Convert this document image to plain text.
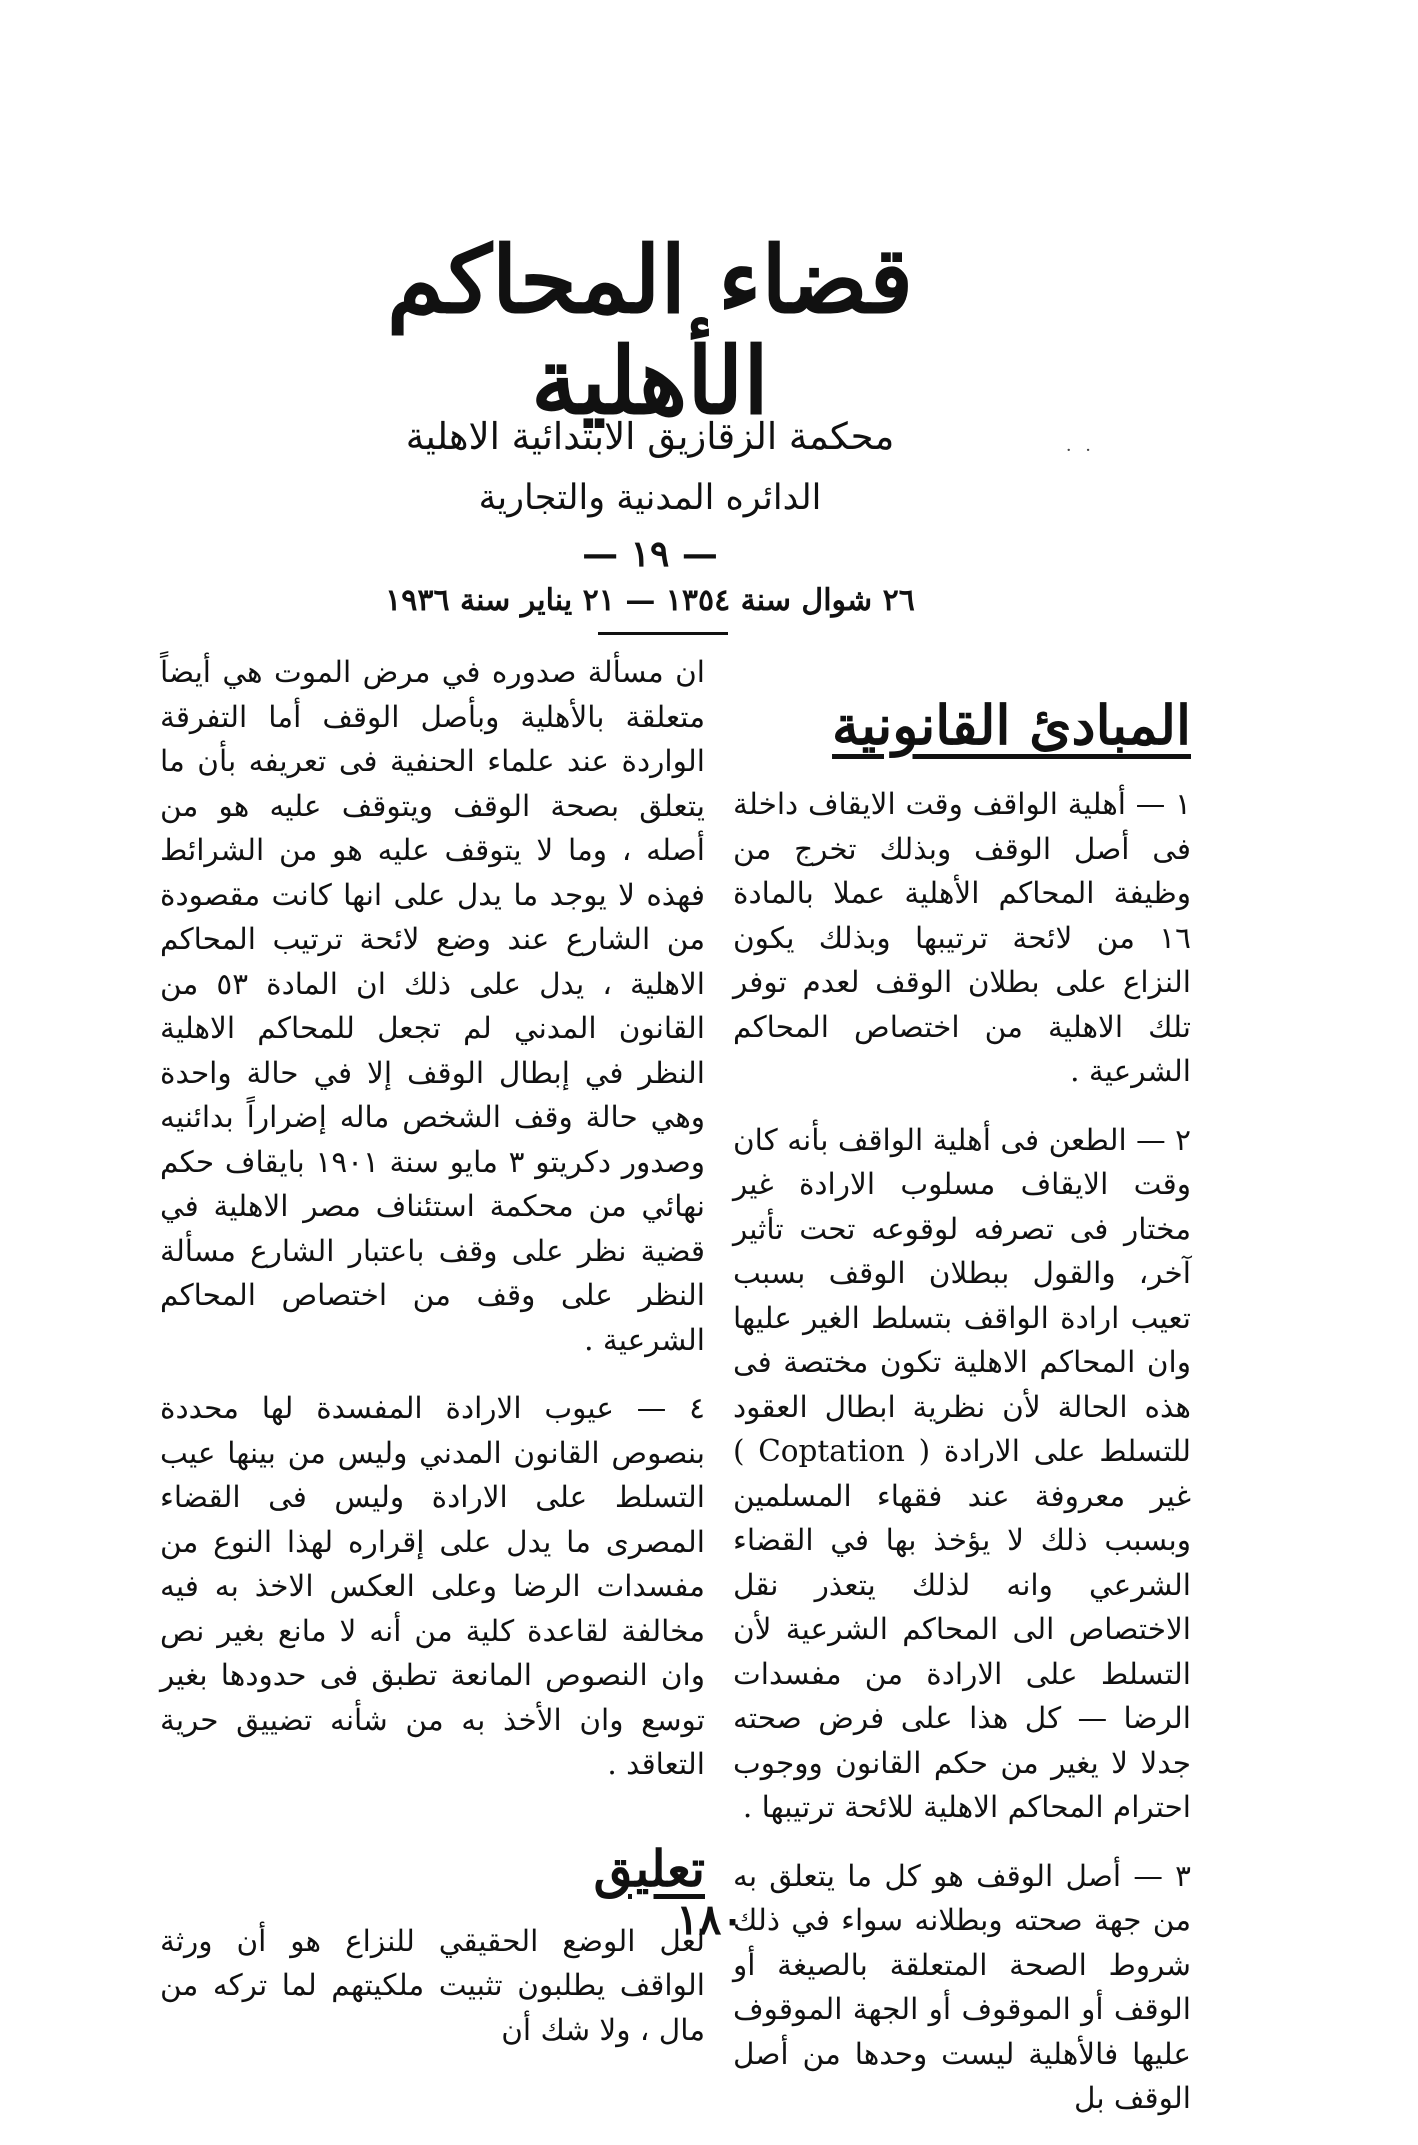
قضاء المحاكم الأهلية
محكمة الزقازيق الابتدائية الاهلية
الدائره المدنية والتجارية
— ١٩ —
٢٦ شوال سنة ١٣٥٤ — ٢١ يناير سنة ١٩٣٦
· ·
المبادئ القانونية

١ — أهلية الواقف وقت الايقاف داخلة فى أصل الوقف وبذلك تخرج من وظيفة المحاكم الأهلية عملا بالمادة ١٦ من لائحة ترتيبها وبذلك يكون النزاع على بطلان الوقف لعدم توفر تلك الاهلية من اختصاص المحاكم الشرعية .

٢ — الطعن فى أهلية الواقف بأنه كان وقت الايقاف مسلوب الارادة غير مختار فى تصرفه لوقوعه تحت تأثير آخر، والقول ببطلان الوقف بسبب تعيب ارادة الواقف بتسلط الغير عليها وان المحاكم الاهلية تكون مختصة فى هذه الحالة لأن نظرية ابطال العقود للتسلط على الارادة ( Coptation ) غير معروفة عند فقهاء المسلمين وبسبب ذلك لا يؤخذ بها في القضاء الشرعي وانه لذلك يتعذر نقل الاختصاص الى المحاكم الشرعية لأن التسلط على الارادة من مفسدات الرضا — كل هذا على فرض صحته جدلا لا يغير من حكم القانون ووجوب احترام المحاكم الاهلية للائحة ترتيبها .

٣ — أصل الوقف هو كل ما يتعلق به من جهة صحته وبطلانه سواء في ذلك شروط الصحة المتعلقة بالصيغة أو الوقف أو الموقوف أو الجهة الموقوف عليها فالأهلية ليست وحدها من أصل الوقف بل

ان مسألة صدوره في مرض الموت هي أيضاً متعلقة بالأهلية وبأصل الوقف أما التفرقة الواردة عند علماء الحنفية فى تعريفه بأن ما يتعلق بصحة الوقف ويتوقف عليه هو من أصله ، وما لا يتوقف عليه هو من الشرائط فهذه لا يوجد ما يدل على انها كانت مقصودة من الشارع عند وضع لائحة ترتيب المحاكم الاهلية ، يدل على ذلك ان المادة ٥٣ من القانون المدني لم تجعل للمحاكم الاهلية النظر في إبطال الوقف إلا في حالة واحدة وهي حالة وقف الشخص ماله إضراراً بدائنيه وصدور دكريتو ٣ مايو سنة ١٩٠١ بايقاف حكم نهائي من محكمة استئناف مصر الاهلية في قضية نظر على وقف باعتبار الشارع مسألة النظر على وقف من اختصاص المحاكم الشرعية .

٤ — عيوب الارادة المفسدة لها محددة بنصوص القانون المدني وليس من بينها عيب التسلط على الارادة وليس فى القضاء المصرى ما يدل على إقراره لهذا النوع من مفسدات الرضا وعلى العكس الاخذ به فيه مخالفة لقاعدة كلية من أنه لا مانع بغير نص وان النصوص المانعة تطبق فى حدودها بغير توسع وان الأخذ به من شأنه تضييق حرية التعاقد .

تعليق

لعل الوضع الحقيقي للنزاع هو أن ورثة الواقف يطلبون تثبيت ملكيتهم لما تركه من مال ، ولا شك أن

١٨٠
